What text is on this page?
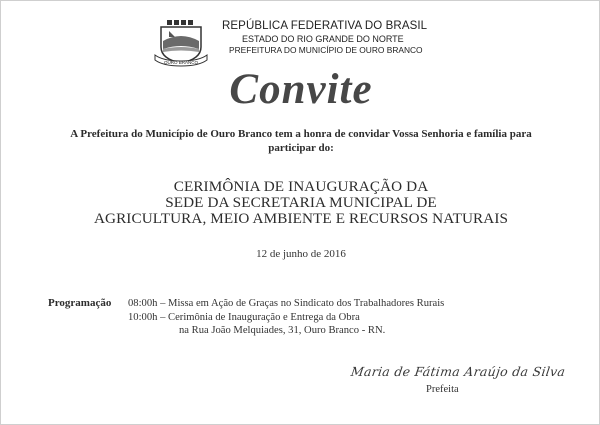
OURO BRANCO
REPÚBLICA FEDERATIVA DO BRASIL
ESTADO DO RIO GRANDE DO NORTE
PREFEITURA DO MUNICÍPIO DE OURO BRANCO
Convite
A Prefeitura do Município de Ouro Branco tem a honra de convidar Vossa Senhoria e família para
participar do:
CERIMÔNIA DE INAUGURAÇÃO DA
SEDE DA SECRETARIA MUNICIPAL DE
AGRICULTURA, MEIO AMBIENTE E RECURSOS NATURAIS
12 de junho de 2016
Programação 08:00h – Missa em Ação de Graças no Sindicato dos Trabalhadores Rurais
10:00h – Cerimônia de Inauguração e Entrega da Obra
na Rua João Melquiades, 31, Ouro Branco - RN.
Maria de Fátima Araújo da Silva
Prefeita
